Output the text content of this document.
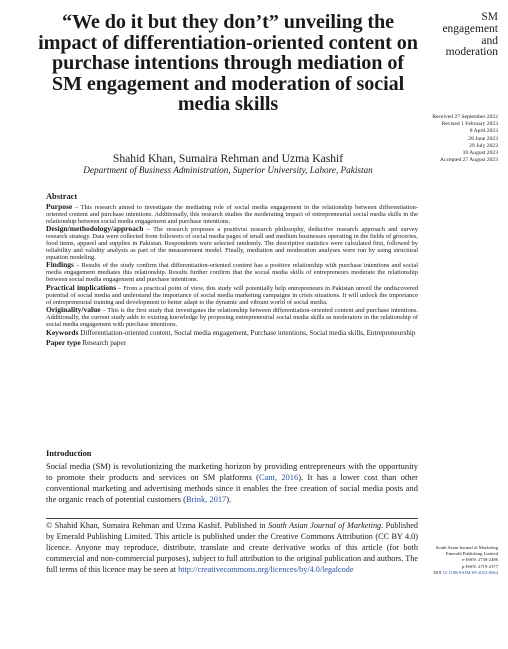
“We do it but they don’t” unveiling the impact of differentiation-oriented content on purchase intentions through mediation of SM engagement and moderation of social media skills
SM
engagement
and
moderation
Received 27 September 2022
Revised 1 February 2023
8 April 2023
28 June 2023
29 July 2023
10 August 2023
Accepted 27 August 2023
Shahid Khan, Sumaira Rehman and Uzma Kashif
Department of Business Administration, Superior University, Lahore, Pakistan
Abstract

Purpose – This research aimed to investigate the mediating role of social media engagement in the relationship between differentiation-oriented content and purchase intentions. Additionally, this research studies the moderating impact of entrepreneurial social media skills in the relationship between social media engagement and purchase intentions.

Design/methodology/approach – The research proposes a positivist research philosophy, deductive research approach and survey research strategy. Data were collected from followers of social media pages of small and medium businesses operating in the fields of groceries, food items, apparel and supplies in Pakistan. Respondents were selected randomly. The descriptive statistics were calculated first, followed by reliability and validity analysis as part of the measurement model. Finally, mediation and moderation analyses were run by using structural equation modeling.

Findings – Results of the study confirm that differentiation-oriented content has a positive relationship with purchase intentions and social media engagement mediates this relationship. Results further confirm that the social media skills of entrepreneurs moderate the relationship between social media engagement and purchase intentions.

Practical implications – From a practical point of view, this study will potentially help entrepreneurs in Pakistan unveil the undiscovered potential of social media and understand the importance of social media marketing campaigns in crisis situations. It will unlock the importance of entrepreneurial training and development to better adapt to the dynamic and vibrant world of social media.

Originality/value – This is the first study that investigates the relationship between differentiation-oriented content and purchase intentions. Additionally, the current study adds to existing knowledge by proposing entrepreneurial social media skills as moderators in the relationship of social media engagement with purchase intentions.

Keywords Differentiation-oriented content, Social media engagement, Purchase intentions, Social media skills, Entrepreneurship

Paper type Research paper

Introduction
Social media (SM) is revolutionizing the marketing horizon by providing entrepreneurs with the opportunity to promote their products and services on SM platforms (Cant, 2016). It has a lower cost than other conventional marketing and advertising methods since it enables the free creation of social media posts and the organic reach of potential customers (Brink, 2017).
© Shahid Khan, Sumaira Rehman and Uzma Kashif. Published in South Asian Journal of Marketing. Published by Emerald Publishing Limited. This article is published under the Creative Commons Attribution (CC BY 4.0) licence. Anyone may reproduce, distribute, translate and create derivative works of this article (for both commercial and non-commercial purposes), subject to full attribution to the original publication and authors. The full terms of this licence may be seen at http://creativecommons.org/licences/by/4.0/legalcode
South Asian Journal of Marketing
Emerald Publishing Limited
e-ISSN: 2738-2486
p-ISSN: 2719-2377
DOI 10.1108/SAJM-09-2022-0064
